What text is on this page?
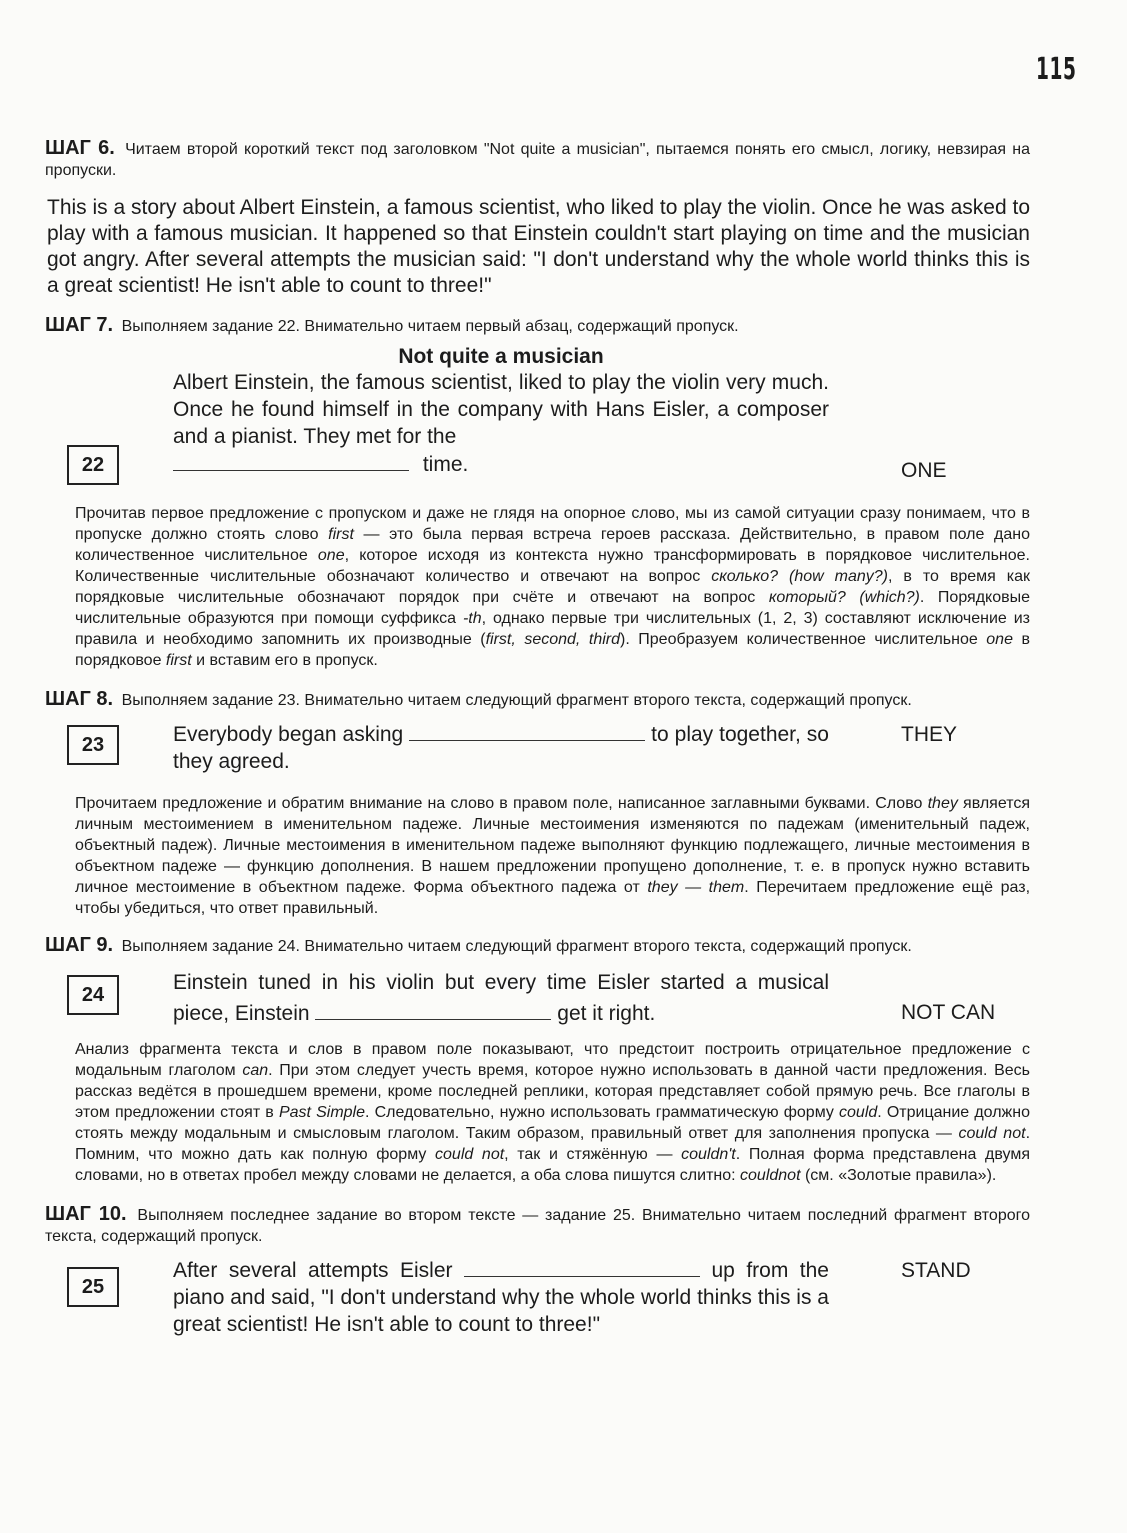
115

ШАГ 6. Читаем второй короткий текст под заголовком "Not quite a musician", пытаемся понять его смысл, логику, невзирая на пропуски.

This is a story about Albert Einstein, a famous scientist, who liked to play the violin. Once he was asked to play with a famous musician. It happened so that Einstein couldn't start playing on time and the musician got angry. After several attempts the musician said: "I don't understand why the whole world thinks this is a great scientist! He isn't able to count to three!"

ШАГ 7. Выполняем задание 22. Внимательно читаем первый абзац, содержащий пропуск.

Not quite a musician
22
Albert Einstein, the famous scientist, liked to play the violin very much. Once he found himself in the company with Hans Eisler, a composer and a pianist. They met for the
time.	ONE

Прочитав первое предложение с пропуском и даже не глядя на опорное слово, мы из самой ситуации сразу понимаем, что в пропуске должно стоять слово first — это была первая встреча героев рассказа. Действительно, в правом поле дано количественное числительное one, которое исходя из контекста нужно трансформировать в порядковое числительное. Количественные числительные обозначают количество и отвечают на вопрос сколько? (how many?), в то время как порядковые числительные обозначают порядок при счёте и отвечают на вопрос который? (which?). Порядковые числительные образуются при помощи суффикса -th, однако первые три числительных (1, 2, 3) составляют исключение из правила и необходимо запомнить их производные (first, second, third). Преобразуем количественное числительное one в порядковое first и вставим его в пропуск.

ШАГ 8. Выполняем задание 23. Внимательно читаем следующий фрагмент второго текста, содержащий пропуск.

23	Everybody began asking	to play together, so they agreed.
THEY

Прочитаем предложение и обратим внимание на слово в правом поле, написанное заглавными буквами. Слово they является личным местоимением в именительном падеже. Личные местоимения изменяются по падежам (именительный падеж, объектный падеж). Личные местоимения в именительном падеже выполняют функцию подлежащего, личные местоимения в объектном падеже — функцию дополнения. В нашем предложении пропущено дополнение, т. е. в пропуск нужно вставить личное местоимение в объектном падеже. Форма объектного падежа от they — them. Перечитаем предложение ещё раз, чтобы убедиться, что ответ правильный.

ШАГ 9. Выполняем задание 24. Внимательно читаем следующий фрагмент второго текста, содержащий пропуск.

24
Einstein tuned in his violin but every time Eisler started a musical piece, Einstein	get it right.	NOT CAN

Анализ фрагмента текста и слов в правом поле показывают, что предстоит построить отрицательное предложение с модальным глаголом can. При этом следует учесть время, которое нужно использовать в данной части предложения. Весь рассказ ведётся в прошедшем времени, кроме последней реплики, которая представляет собой прямую речь. Все глаголы в этом предложении стоят в Past Simple. Следовательно, нужно использовать грамматическую форму could. Отрицание должно стоять между модальным и смысловым глаголом. Таким образом, правильный ответ для заполнения пропуска — could not. Помним, что можно дать как полную форму could not, так и стяжённую — couldn't. Полная форма представлена двумя словами, но в ответах пробел между словами не делается, а оба слова пишутся слитно: couldnot (см. «Золотые правила»).

ШАГ 10. Выполняем последнее задание во втором тексте — задание 25. Внимательно читаем последний фрагмент второго текста, содержащий пропуск.

25
After several attempts Eisler	up from the piano and said, "I don't understand why the whole world thinks this is a great scientist! He isn't able to count to three!"
STAND
